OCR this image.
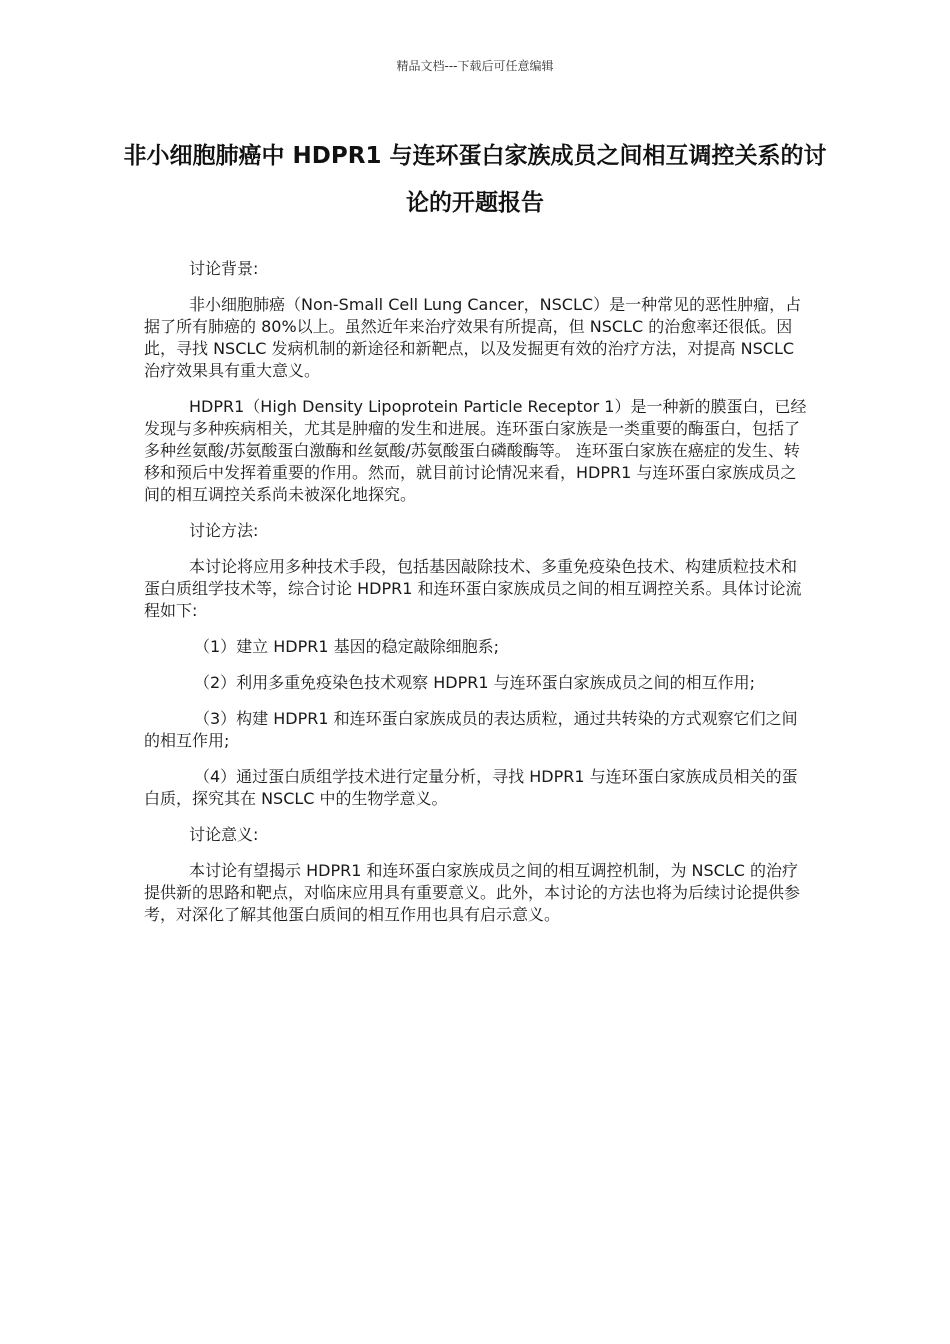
精品文档---下载后可任意编辑
非小细胞肺癌中 HDPR1 与连环蛋白家族成员之间相互调控关系的讨论的开题报告

讨论背景:

非小细胞肺癌（Non-Small Cell Lung Cancer，NSCLC）是一种常见的恶性肿瘤，占据了所有肺癌的 80%以上。虽然近年来治疗效果有所提高，但 NSCLC 的治愈率还很低。因此，寻找 NSCLC 发病机制的新途径和新靶点，以及发掘更有效的治疗方法，对提高 NSCLC 治疗效果具有重大意义。

HDPR1（High Density Lipoprotein Particle Receptor 1）是一种新的膜蛋白，已经发现与多种疾病相关，尤其是肿瘤的发生和进展。连环蛋白家族是一类重要的酶蛋白，包括了多种丝氨酸/苏氨酸蛋白激酶和丝氨酸/苏氨酸蛋白磷酸酶等。 连环蛋白家族在癌症的发生、转移和预后中发挥着重要的作用。然而，就目前讨论情况来看，HDPR1 与连环蛋白家族成员之间的相互调控关系尚未被深化地探究。

讨论方法:

本讨论将应用多种技术手段，包括基因敲除技术、多重免疫染色技术、构建质粒技术和蛋白质组学技术等，综合讨论 HDPR1 和连环蛋白家族成员之间的相互调控关系。具体讨论流程如下:

（1）建立 HDPR1 基因的稳定敲除细胞系;

（2）利用多重免疫染色技术观察 HDPR1 与连环蛋白家族成员之间的相互作用;

（3）构建 HDPR1 和连环蛋白家族成员的表达质粒，通过共转染的方式观察它们之间的相互作用;

（4）通过蛋白质组学技术进行定量分析，寻找 HDPR1 与连环蛋白家族成员相关的蛋白质，探究其在 NSCLC 中的生物学意义。

讨论意义:

本讨论有望揭示 HDPR1 和连环蛋白家族成员之间的相互调控机制，为 NSCLC 的治疗提供新的思路和靶点，对临床应用具有重要意义。此外，本讨论的方法也将为后续讨论提供参考，对深化了解其他蛋白质间的相互作用也具有启示意义。
